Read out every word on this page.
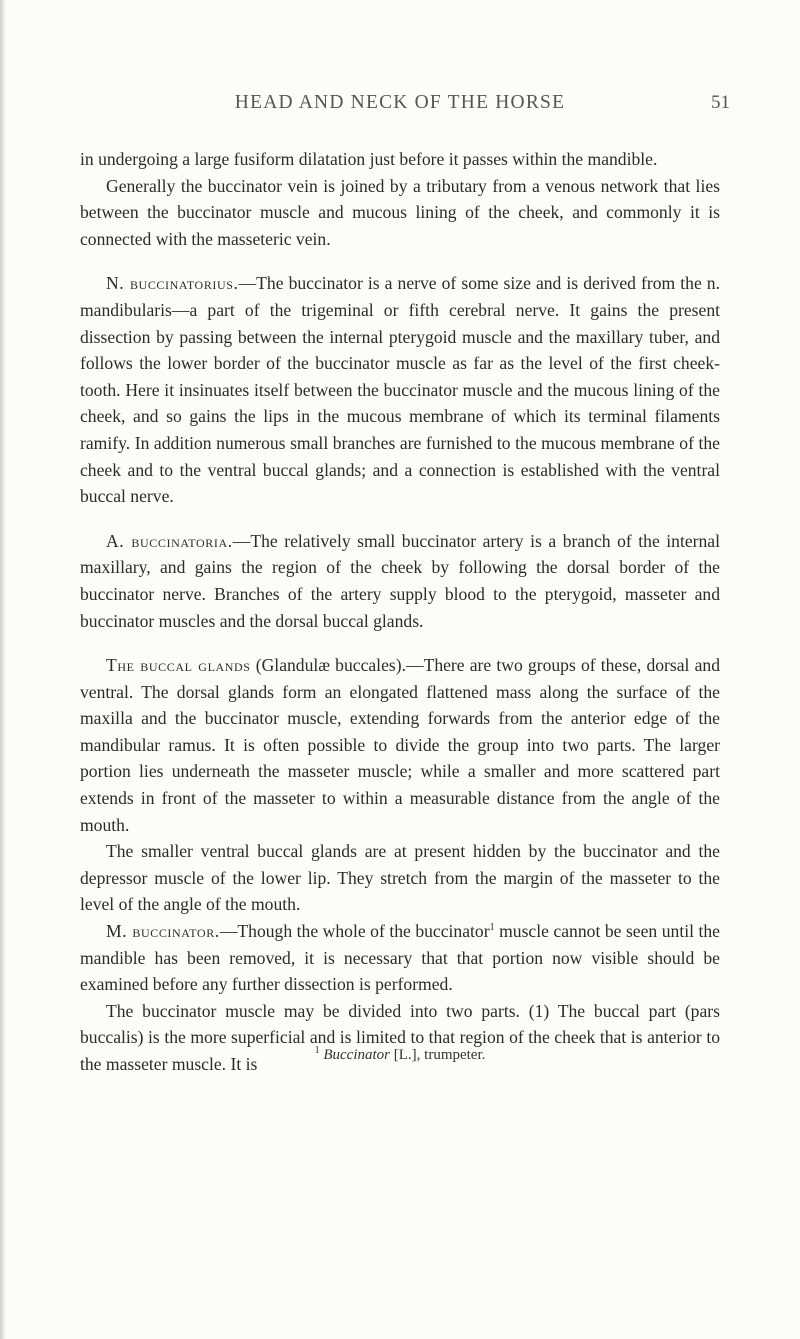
HEAD AND NECK OF THE HORSE	51

in undergoing a large fusiform dilatation just before it passes within the mandible.

Generally the buccinator vein is joined by a tributary from a venous network that lies between the buccinator muscle and mucous lining of the cheek, and commonly it is connected with the masseteric vein.

N. buccinatorius.—The buccinator is a nerve of some size and is derived from the n. mandibularis—a part of the trigeminal or fifth cerebral nerve. It gains the present dissection by passing between the internal pterygoid muscle and the maxillary tuber, and follows the lower border of the buccinator muscle as far as the level of the first cheek-tooth. Here it insinuates itself between the buccinator muscle and the mucous lining of the cheek, and so gains the lips in the mucous membrane of which its terminal filaments ramify. In addition numerous small branches are furnished to the mucous membrane of the cheek and to the ventral buccal glands; and a connection is established with the ventral buccal nerve.

A. buccinatoria.—The relatively small buccinator artery is a branch of the internal maxillary, and gains the region of the cheek by following the dorsal border of the buccinator nerve. Branches of the artery supply blood to the pterygoid, masseter and buccinator muscles and the dorsal buccal glands.

The buccal glands (Glandulæ buccales).—There are two groups of these, dorsal and ventral. The dorsal glands form an elongated flattened mass along the surface of the maxilla and the buccinator muscle, extending forwards from the anterior edge of the mandibular ramus. It is often possible to divide the group into two parts. The larger portion lies underneath the masseter muscle; while a smaller and more scattered part extends in front of the masseter to within a measurable distance from the angle of the mouth.

The smaller ventral buccal glands are at present hidden by the buccinator and the depressor muscle of the lower lip. They stretch from the margin of the masseter to the level of the angle of the mouth.

M. buccinator.—Though the whole of the buccinator$^1$ muscle cannot be seen until the mandible has been removed, it is necessary that that portion now visible should be examined before any further dissection is performed.

The buccinator muscle may be divided into two parts. (1) The buccal part (pars buccalis) is the more superficial and is limited to that region of the cheek that is anterior to the masseter muscle. It is

$^1$ Buccinator [L.], trumpeter.
